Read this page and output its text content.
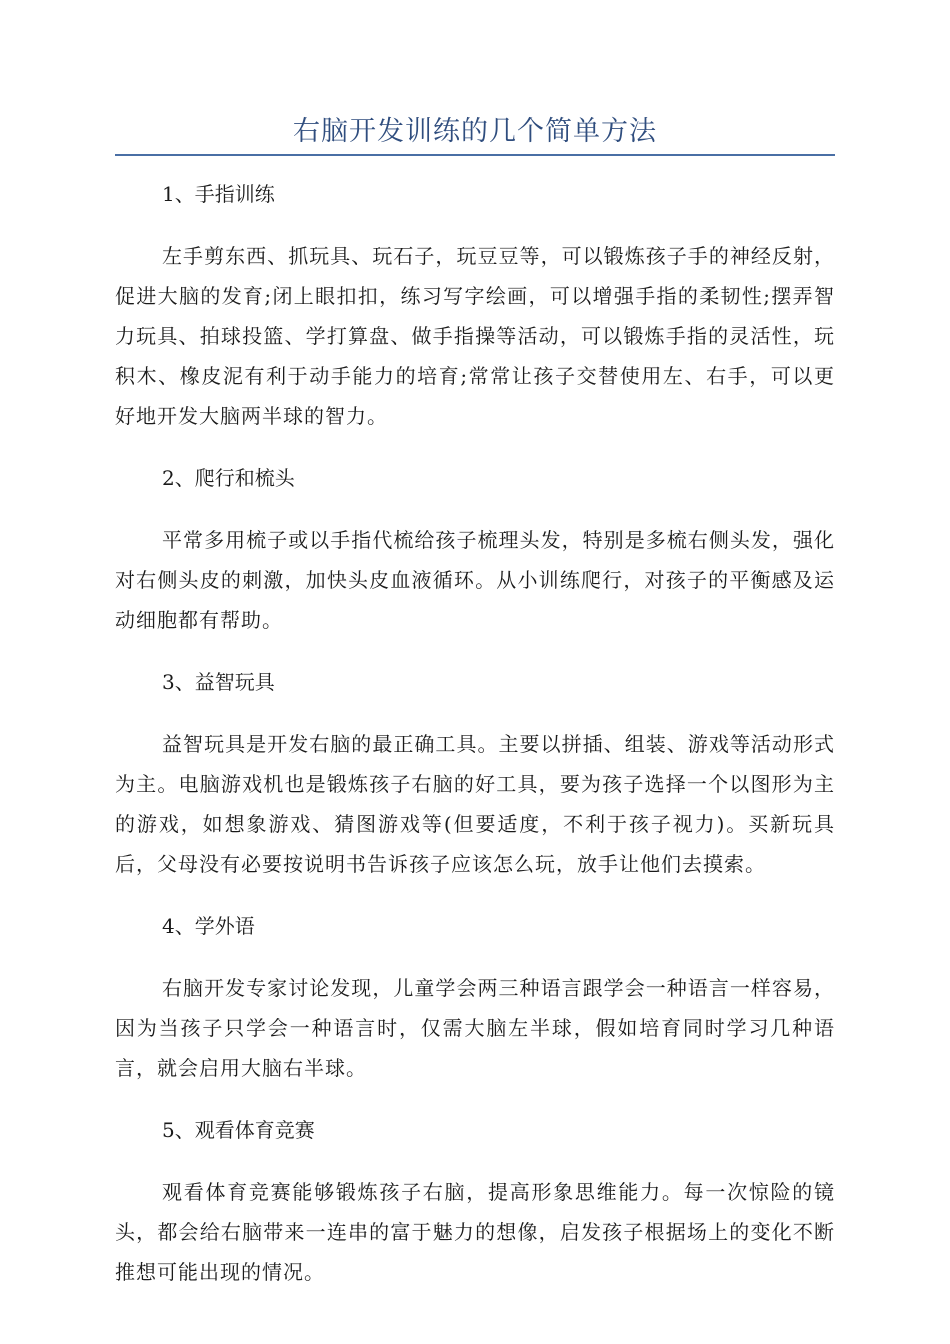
右脑开发训练的几个简单方法

1、手指训练

左手剪东西、抓玩具、玩石子，玩豆豆等，可以锻炼孩子手的神经反射，促进大脑的发育;闭上眼扣扣，练习写字绘画，可以增强手指的柔韧性;摆弄智力玩具、拍球投篮、学打算盘、做手指操等活动，可以锻炼手指的灵活性，玩积木、橡皮泥有利于动手能力的培育;常常让孩子交替使用左、右手，可以更好地开发大脑两半球的智力。

2、爬行和梳头

平常多用梳子或以手指代梳给孩子梳理头发，特别是多梳右侧头发，强化对右侧头皮的刺激，加快头皮血液循环。从小训练爬行，对孩子的平衡感及运动细胞都有帮助。

3、益智玩具

益智玩具是开发右脑的最正确工具。主要以拼插、组装、游戏等活动形式为主。电脑游戏机也是锻炼孩子右脑的好工具，要为孩子选择一个以图形为主的游戏，如想象游戏、猜图游戏等(但要适度，不利于孩子视力)。买新玩具后，父母没有必要按说明书告诉孩子应该怎么玩，放手让他们去摸索。

4、学外语

右脑开发专家讨论发现，儿童学会两三种语言跟学会一种语言一样容易，因为当孩子只学会一种语言时，仅需大脑左半球，假如培育同时学习几种语言，就会启用大脑右半球。

5、观看体育竞赛

观看体育竞赛能够锻炼孩子右脑，提高形象思维能力。每一次惊险的镜头，都会给右脑带来一连串的富于魅力的想像，启发孩子根据场上的变化不断推想可能出现的情况。
